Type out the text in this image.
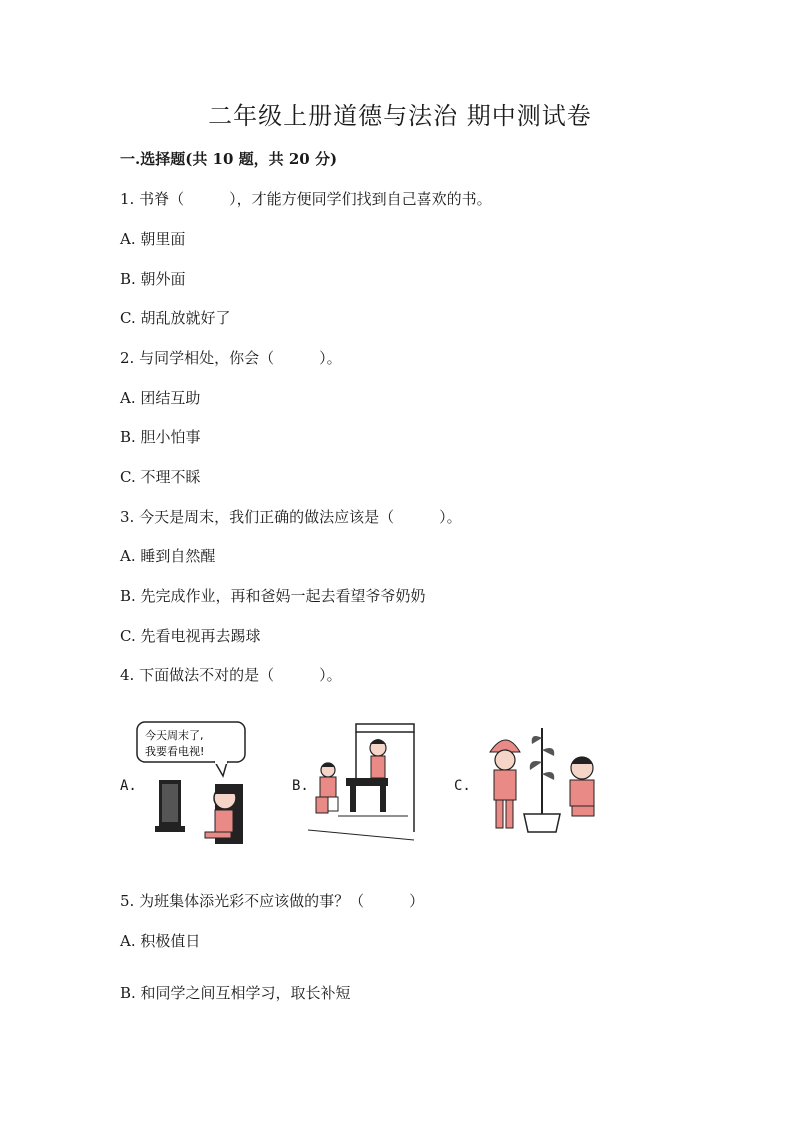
二年级上册道德与法治 期中测试卷
一.选择题(共 10 题，共 20 分)
1. 书脊（　　　），才能方便同学们找到自己喜欢的书。
A. 朝里面
B. 朝外面
C. 胡乱放就好了
2. 与同学相处，你会（　　　）。
A. 团结互助
B. 胆小怕事
C. 不理不睬
3. 今天是周末，我们正确的做法应该是（　　　）。
A. 睡到自然醒
B. 先完成作业，再和爸妈一起去看望爷爷奶奶
C. 先看电视再去踢球
4. 下面做法不对的是（　　　）。
A.
今天周末了,
我要看电视!
B.	C.
5. 为班集体添光彩不应该做的事？（　　　）
A. 积极值日
B. 和同学之间互相学习，取长补短
